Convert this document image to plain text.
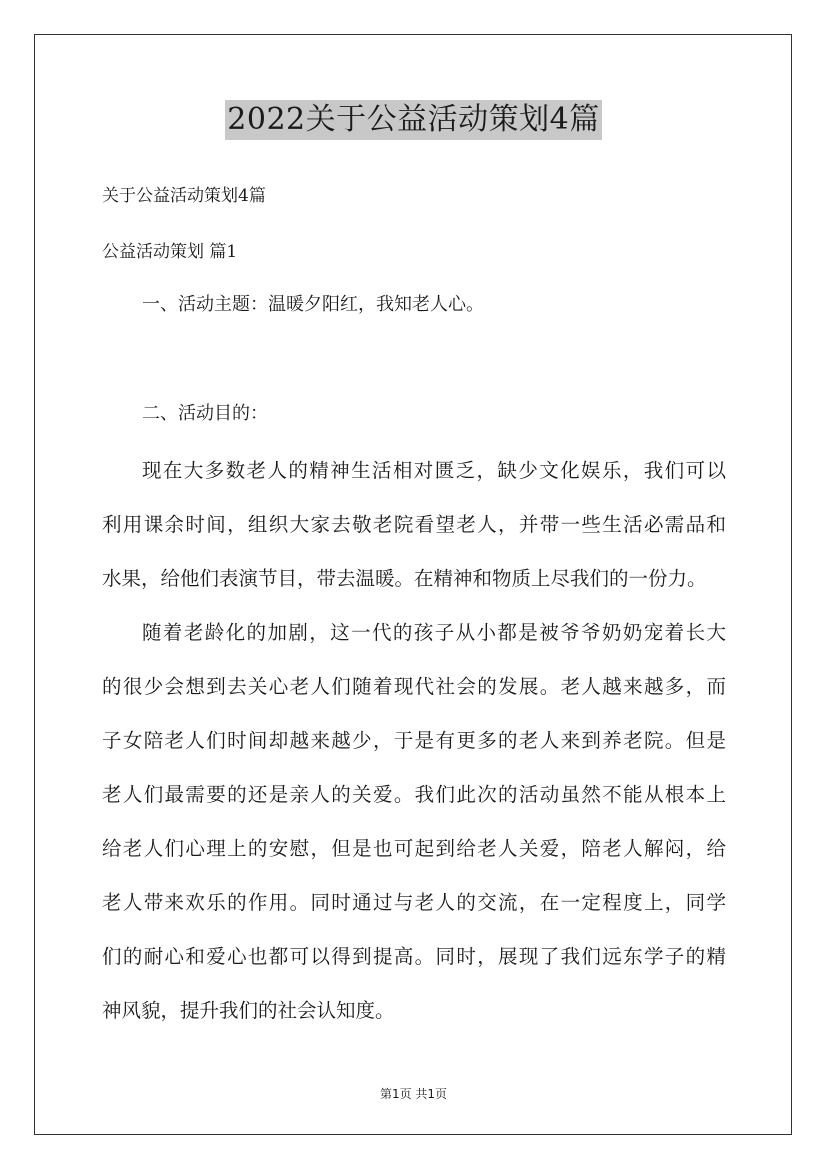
2022关于公益活动策划4篇
关于公益活动策划4篇
公益活动策划 篇1
一、活动主题：温暖夕阳红，我知老人心。
二、活动目的：
现在大多数老人的精神生活相对匮乏，缺少文化娱乐，我们可以
利用课余时间，组织大家去敬老院看望老人，并带一些生活必需品和
水果，给他们表演节目，带去温暖。在精神和物质上尽我们的一份力。
随着老龄化的加剧，这一代的孩子从小都是被爷爷奶奶宠着长大
的很少会想到去关心老人们随着现代社会的发展。老人越来越多，而
子女陪老人们时间却越来越少，于是有更多的老人来到养老院。但是
老人们最需要的还是亲人的关爱。我们此次的活动虽然不能从根本上
给老人们心理上的安慰，但是也可起到给老人关爱，陪老人解闷，给
老人带来欢乐的作用。同时通过与老人的交流，在一定程度上，同学
们的耐心和爱心也都可以得到提高。同时，展现了我们远东学子的精
神风貌，提升我们的社会认知度。
第1页 共1页
